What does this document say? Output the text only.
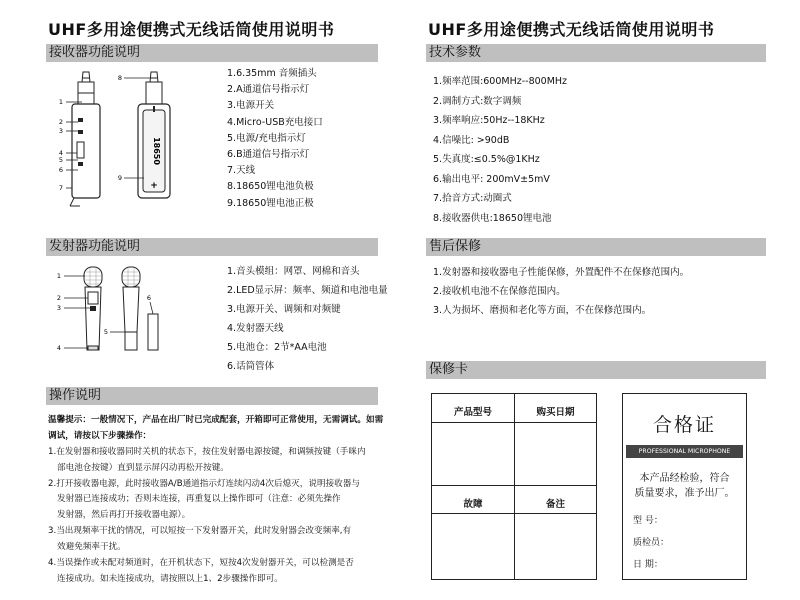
UHF多用途便携式无线话筒使用说明书
接收器功能说明
18650
+
1
2
3
4
5
6
7
8
9
1.6.35mm 音频插头
2.A通道信号指示灯
3.电源开关
4.Micro-USB充电接口
5.电源/充电指示灯
6.B通道信号指示灯
7.天线
8.18650锂电池负极
9.18650锂电池正极
发射器功能说明
1
2
3
4
5
6
1.音头模组：网罩、网棉和音头
2.LED显示屏：频率、频道和电池电量
3.电源开关、调频和对频键
4.发射器天线
5.电池仓：2节*AA电池
6.话筒管体
操作说明
温馨提示：一般情况下，产品在出厂时已完成配套，开箱即可正常使用，无需调试。如需
调试，请按以下步骤操作：
1.在发射器和接收器同时关机的状态下，按住发射器电源按键，和调频按键（手咪内
部电池仓按键）直到显示屏闪动再松开按键。
2.打开接收器电源，此时接收器A/B通道指示灯连续闪动4次后熄灭，说明接收器与
发射器已连接成功；否则未连接，再重复以上操作即可（注意：必须先操作
发射器，然后再打开接收器电源）。
3.当出现频率干扰的情况，可以短按一下发射器开关，此时发射器会改变频率,有
效避免频率干扰。
4.当误操作或未配对频道时，在开机状态下，短按4次发射器开关，可以检测是否
连接成功。如未连接成功，请按照以上1、2步骤操作即可。
UHF多用途便携式无线话筒使用说明书
技术参数
1.频率范围:600MHz--800MHz
2.调制方式:数字调频
3.频率响应:50Hz--18KHz
4.信噪比: >90dB
5.失真度:≤0.5%@1KHz
6.输出电平: 200mV±5mV
7.拾音方式:动圈式
8.接收器供电:18650锂电池
售后保修
1.发射器和接收器电子性能保修，外置配件不在保修范围内。
2.接收机电池不在保修范围内。
3.人为损坏、磨损和老化等方面，不在保修范围内。
保修卡
产品型号	购买日期
故障	备注
合格证
PROFESSIONAL MICROPHONE
本产品经检验，符合
质量要求，准予出厂。
型 号：
质检员：
日 期：
